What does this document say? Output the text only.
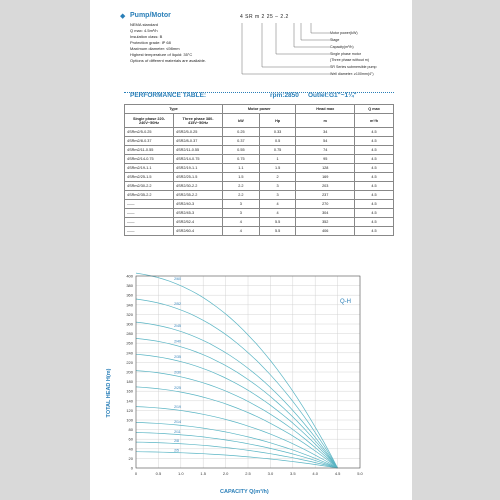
◆ Pump/Motor
NEMA standard
Q max: 4.5m³/h
Insulation class: B
Protection grade: IP 68
Maximum diameter: ≤98mm
Highest temperature of liquid: 35°C
Options of different materials are available.
4 SR m 2 25 – 2.2
Motor power(kW)
Stage
Capacity(m³/h)
Single phase motor
(Three phase without m)
SR Series submersible pump
Well diameter: ≥100mm(4")
PERFORMANCE TABLE:	rpm:2850 Outlet:G1"~1¼"
Type		Motor power		Head max	Q max
Single phase 220-240V~50Hz	Three phase 380-415V~50Hz	kW	Hp	m	m³/h
4SRm2/5-0.25	4SR2/5-0.25	0.25	0.33	34	4.5
4SRm2/8-0.37	4SR2/8-0.37	0.37	0.5	54	4.5
4SRm2/11-0.55	4SR2/11-0.55	0.55	0.75	74	4.5
4SRm2/14-0.75	4SR2/14-0.75	0.75	1	95	4.5
4SRm2/19-1.1	4SR2/19-1.1	1.1	1.5	128	4.5
4SRm2/25-1.5	4SR2/25-1.5	1.5	2	169	4.5
4SRm2/30-2.2	4SR2/30-2.2	2.2	3	203	4.5
4SRm2/35-2.2	4SR2/35-2.2	2.2	3	237	4.5
——	4SR2/40-3	3	4	270	4.5
——	4SR2/45-3	3	4	304	4.5
——	4SR2/52-4	4	5.5	352	4.5
——	4SR2/60-4	4	5.5	406	4.5
0
20
40
60
80
100
120
140
160
180
200
220
240
260
280
300
320
340
360
380
400
0	0.5	1.0	1.5	2.0	2.5	3.0	3.5	4.0	4.5	5.0
2/60
2/52
2/45
2/40
2/35
2/30
2/25
2/19
2/14
2/11
2/8
2/5
Q-H
CAPACITY Q(m³/h)
TOTAL HEAD H(m)
